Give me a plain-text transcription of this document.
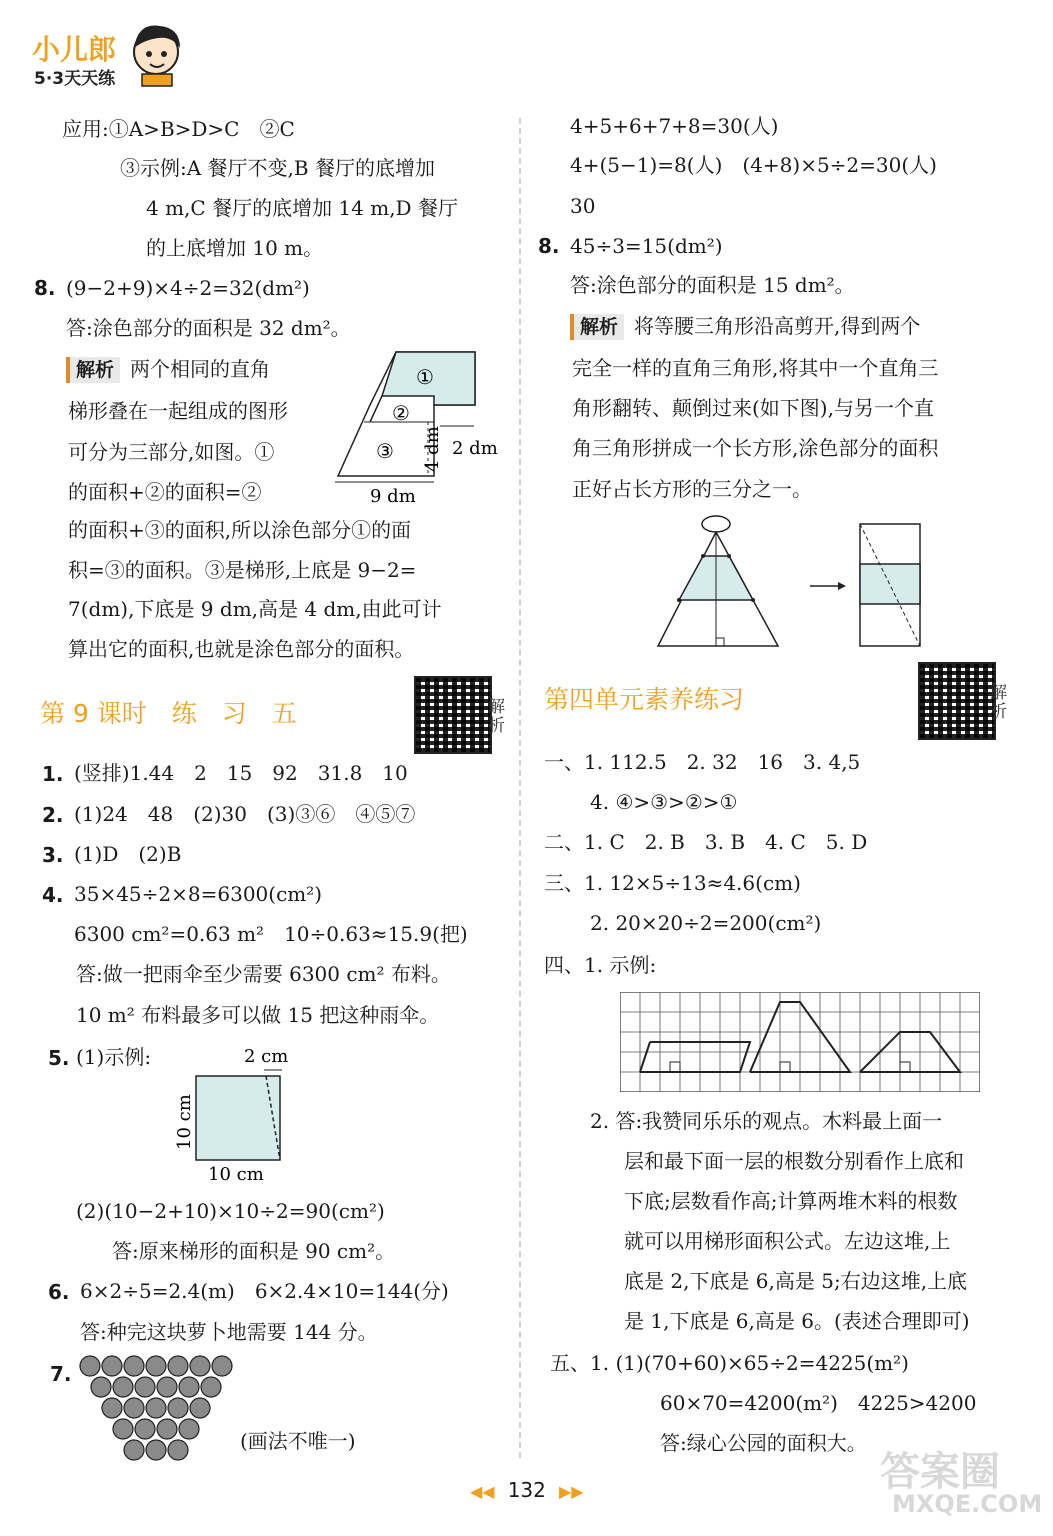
小儿郎
5·3天天练
应用:①A>B>D>C　②C
③示例:A 餐厅不变,B 餐厅的底增加
4 m,C 餐厅的底增加 14 m,D 餐厅
的上底增加 10 m。
8. (9−2+9)×4÷2=32(dm²)
答:涂色部分的面积是 32 dm²。
解析 两个相同的直角
梯形叠在一起组成的图形
可分为三部分,如图。①
的面积+②的面积=②
的面积+③的面积,所以涂色部分①的面
积=③的面积。③是梯形,上底是 9−2=
7(dm),下底是 9 dm,高是 4 dm,由此可计
算出它的面积,也就是涂色部分的面积。
①
②
③ 4 dm 2 dm
9 dm
第 9 课时　练　习　五	解析
1. (竖排)1.44　2　15　92　31.8　10
2. (1)24　48　(2)30　(3)③⑥　④⑤⑦
3. (1)D　(2)B
4. 35×45÷2×8=6300(cm²)
6300 cm²=0.63 m²　10÷0.63≈15.9(把)
答:做一把雨伞至少需要 6300 cm² 布料。
10 m² 布料最多可以做 15 把这种雨伞。
5. (1)示例:	2 cm
10 cm
10 cm
(2)(10−2+10)×10÷2=90(cm²)
答:原来梯形的面积是 90 cm²。
6. 6×2÷5=2.4(m)　6×2.4×10=144(分)
答:种完这块萝卜地需要 144 分。
7.
(画法不唯一)
4+5+6+7+8=30(人)
4+(5−1)=8(人)　(4+8)×5÷2=30(人)
30
8. 45÷3=15(dm²)
答:涂色部分的面积是 15 dm²。
解析 将等腰三角形沿高剪开,得到两个
完全一样的直角三角形,将其中一个直角三
角形翻转、颠倒过来(如下图),与另一个直
角三角形拼成一个长方形,涂色部分的面积
正好占长方形的三分之一。
第四单元素养练习	解析
一、1. 112.5　2. 32　16　3. 4,5
4. ④>③>②>①
二、1. C　2. B　3. B　4. C　5. D
三、1. 12×5÷13≈4.6(cm)
2. 20×20÷2=200(cm²)
四、1. 示例:
2. 答:我赞同乐乐的观点。木料最上面一
层和最下面一层的根数分别看作上底和
下底;层数看作高;计算两堆木料的根数
就可以用梯形面积公式。左边这堆,上
底是 2,下底是 6,高是 5;右边这堆,上底
是 1,下底是 6,高是 6。(表述合理即可)
五、1. (1)(70+60)×65÷2=4225(m²)
60×70=4200(m²)　4225>4200
答:绿心公园的面积大。
◀◀ 132 ▶▶	答案圈
MXQE.COM
